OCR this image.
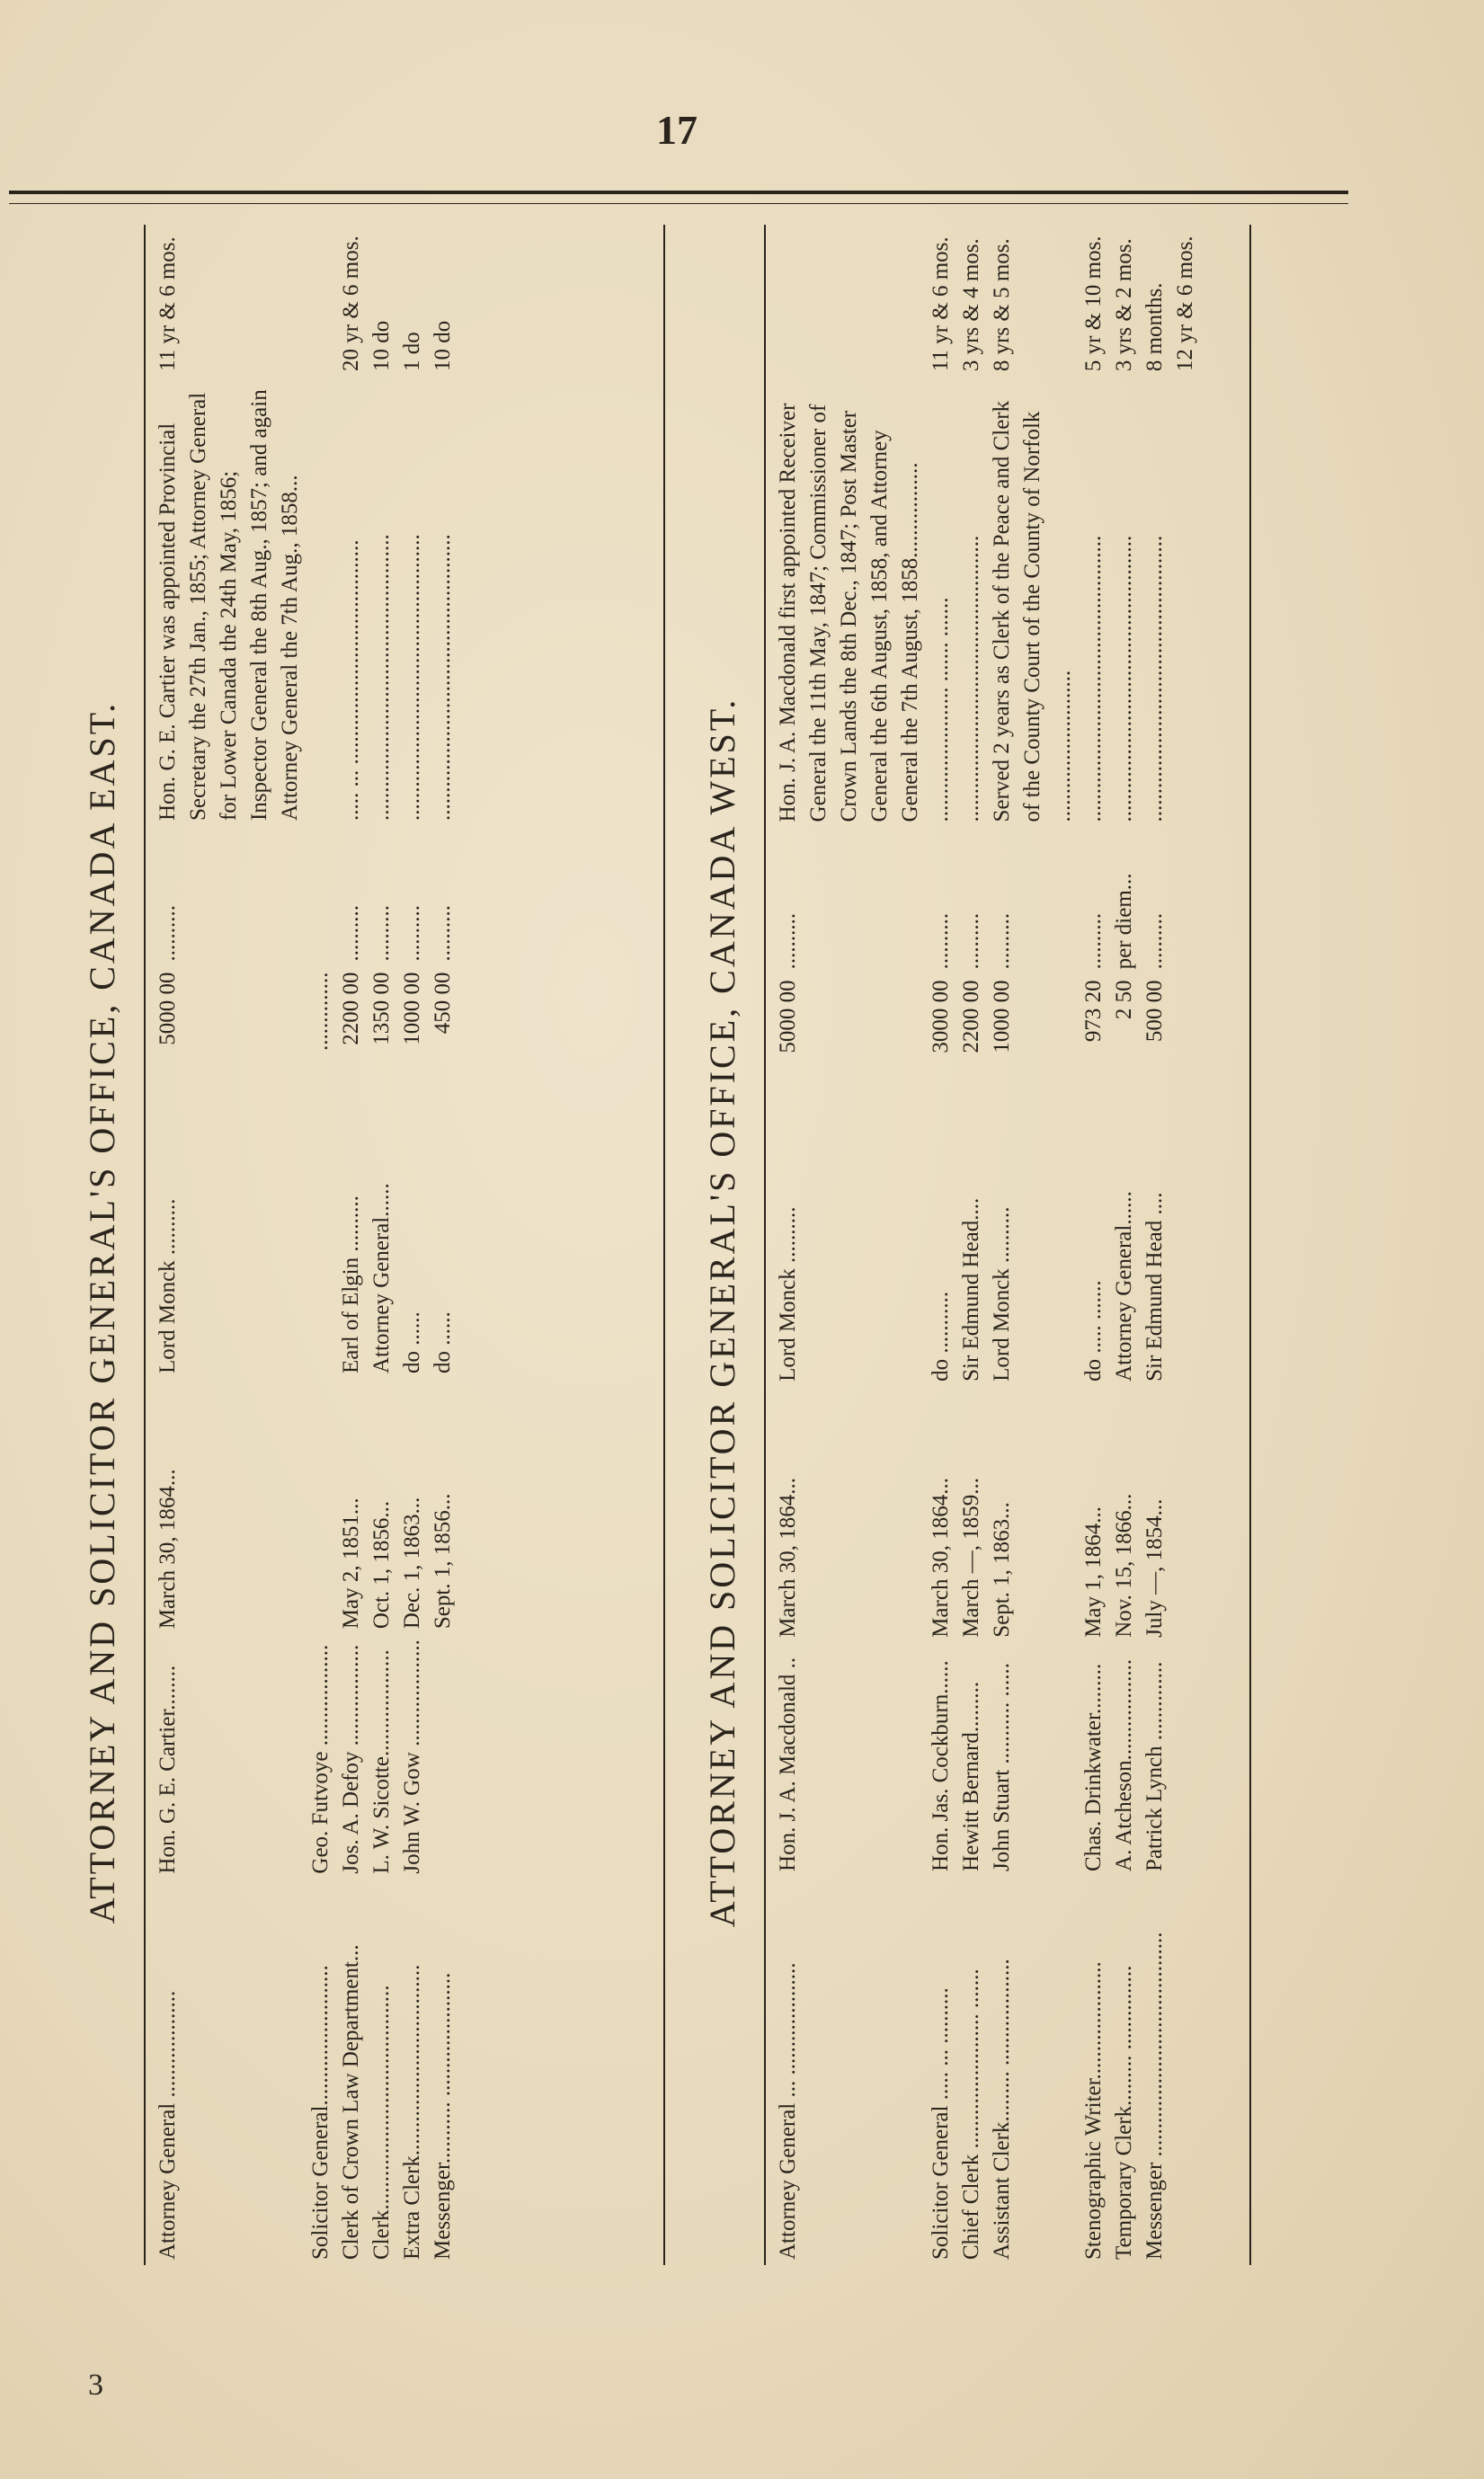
17
3
ATTORNEY AND SOLICITOR GENERAL'S OFFICE, CANADA EAST.
Attorney General ...................	Hon. G. E. Cartier........	March 30, 1864...	Lord Monck ..........	5000 00	..........	Hon. G. E. Cartier was appointed Provincial Secretary the 27th Jan., 1855; Attorney General for Lower Canada the 24th May, 1856; Inspector General the 8th Aug., 1857; and again Attorney General the 7th Aug., 1858...	11 yr & 6 mos.
Solicitor General.........................	Geo. Futvoye ..................			..............			
Clerk of Crown Law Department...	Jos. A. Defoy ..................	May 2, 1851...	Earl of Elgin ..........	2200 00	..........	..... ... ........................................	20 yr & 6 mos.
Clerk........................................	L. W. Sicotte...................	Oct. 1, 1856...	Attorney General......	1350 00	..........	...................................................	10 do
Extra Clerk..................................	John W. Gow ...................	Dec. 1, 1863...	do ......	1000 00	..........	...................................................	1 do
Messenger........... ......................		Sept. 1, 1856...	do ......	450 00	..........	...................................................	10 do
ATTORNEY AND SOLICITOR GENERAL'S OFFICE, CANADA WEST.
Attorney General ... ....................	Hon. J. A. Macdonald ..	March 30, 1864...	Lord Monck ..........	5000 00	..........	Hon. J. A. Macdonald first appointed Receiver General the 11th May, 1847; Commissioner of Crown Lands the 8th Dec., 1847; Post Master General the 6th August, 1858, and Attorney General the 7th August, 1858.................	
Solicitor General ..... ... ..........	Hon. Jas. Cockburn......	March 30, 1864...	do ...........	3000 00	..........	........................ ....... .......	11 yr & 6 mos.
Chief Clerk ........................ .......	Hewitt Bernard.........	March —, 1859...	Sir Edmund Head....	2200 00	..........	...................................................	3 yrs & 4 mos.
Assistant Clerk......... ...................	John Stuart ........... ......	Sept. 1, 1863...	Lord Monck ..........	1000 00	..........	Served 2 years as Clerk of the Peace and Clerk of the County Court of the County of Norfolk ...........................	8 yrs & 5 mos.
Stenographic Writer.....................	Chas. Drinkwater.........	May 1, 1864...	do ..... .......	973 20	..........	...................................................	5 yr & 10 mos.
Temporary Clerk......... ...............	A. Atcheson..................	Nov. 15, 1866...	Attorney General......	2 50	per diem...	...................................................	3 yrs & 2 mos.
Messenger ........................................	Patrick Lynch ..............	July —, 1854...	Sir Edmund Head ....	500 00	..........	...................................................	8 months.
							12 yr & 6 mos.
